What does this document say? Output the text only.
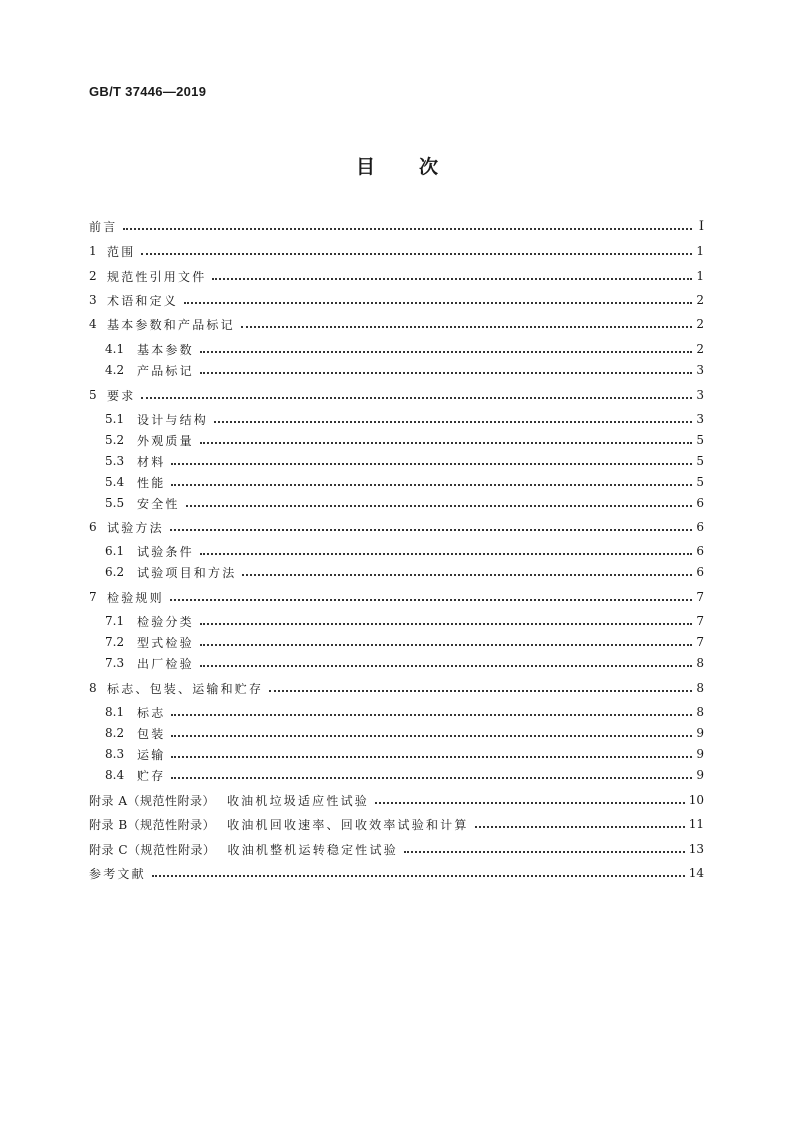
GB/T 37446—2019
目 次
前言	I
1 范围	1
2 规范性引用文件	1
3 术语和定义	2
4 基本参数和产品标记	2
4.1	基本参数	2
4.2	产品标记	3
5 要求	3
5.1	设计与结构	3
5.2	外观质量	5
5.3	材料	5
5.4	性能	5
5.5	安全性	6
6 试验方法	6
6.1	试验条件	6
6.2	试验项目和方法	6
7 检验规则	7
7.1	检验分类	7
7.2	型式检验	7
7.3	出厂检验	8
8 标志、包装、运输和贮存	8
8.1	标志	8
8.2	包装	9
8.3	运输	9
8.4	贮存	9
附录 A（规范性附录） 收油机垃圾适应性试验	10
附录 B（规范性附录） 收油机回收速率、回收效率试验和计算	11
附录 C（规范性附录） 收油机整机运转稳定性试验	13
参考文献	14
